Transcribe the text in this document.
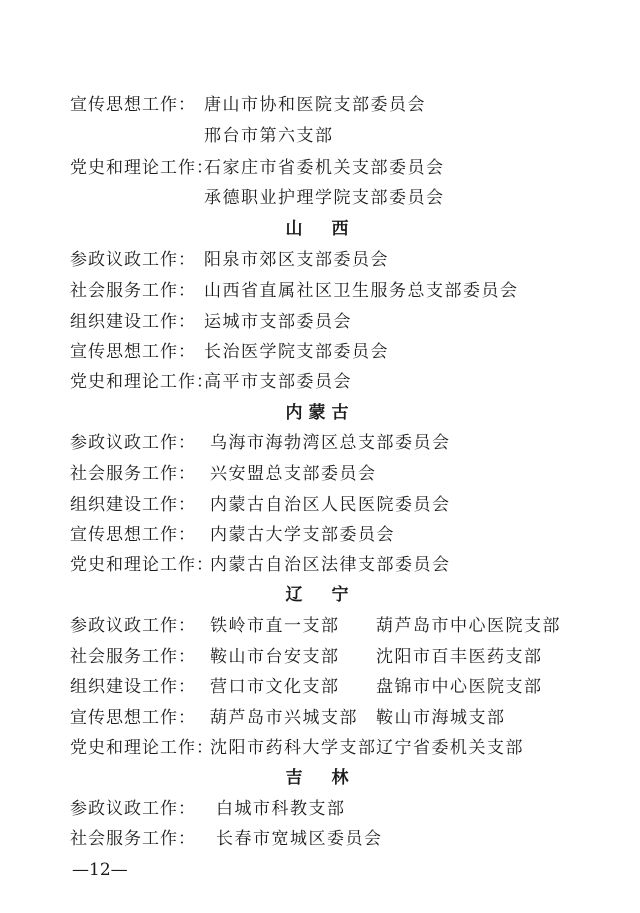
宣传思想工作： 唐山市协和医院支部委员会
邢台市第六支部
党史和理论工作：
石家庄市省委机关支部委员会
承德职业护理学院支部委员会
山　西
参政议政工作： 阳泉市郊区支部委员会
社会服务工作： 山西省直属社区卫生服务总支部委员会
组织建设工作： 运城市支部委员会
宣传思想工作： 长治医学院支部委员会
党史和理论工作：
高平市支部委员会
内蒙古
参政议政工作： 乌海市海勃湾区总支部委员会
社会服务工作： 兴安盟总支部委员会
组织建设工作： 内蒙古自治区人民医院委员会
宣传思想工作： 内蒙古大学支部委员会
党史和理论工作：
内蒙古自治区法律支部委员会
辽　宁
参政议政工作： 铁岭市直一支部 葫芦岛市中心医院支部
社会服务工作： 鞍山市台安支部 沈阳市百丰医药支部
组织建设工作： 营口市文化支部 盘锦市中心医院支部
宣传思想工作： 葫芦岛市兴城支部 鞍山市海城支部
党史和理论工作：
沈阳市药科大学支部 辽宁省委机关支部
吉　林
参政议政工作： 白城市科教支部
社会服务工作： 长春市宽城区委员会
—12—
